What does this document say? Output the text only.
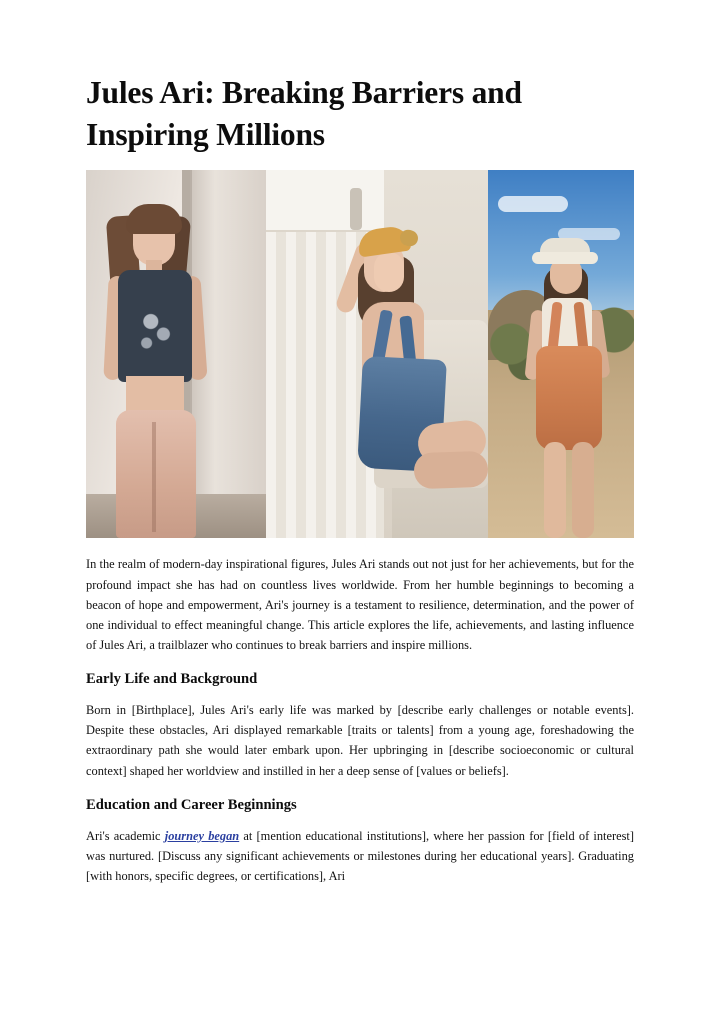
Jules Ari: Breaking Barriers and Inspiring Millions

In the realm of modern-day inspirational figures, Jules Ari stands out not just for her achievements, but for the profound impact she has had on countless lives worldwide. From her humble beginnings to becoming a beacon of hope and empowerment, Ari's journey is a testament to resilience, determination, and the power of one individual to effect meaningful change. This article explores the life, achievements, and lasting influence of Jules Ari, a trailblazer who continues to break barriers and inspire millions.

Early Life and Background

Born in [Birthplace], Jules Ari's early life was marked by [describe early challenges or notable events]. Despite these obstacles, Ari displayed remarkable [traits or talents] from a young age, foreshadowing the extraordinary path she would later embark upon. Her upbringing in [describe socioeconomic or cultural context] shaped her worldview and instilled in her a deep sense of [values or beliefs].

Education and Career Beginnings

Ari's academic journey began at [mention educational institutions], where her passion for [field of interest] was nurtured. [Discuss any significant achievements or milestones during her educational years]. Graduating [with honors, specific degrees, or certifications], Ari
